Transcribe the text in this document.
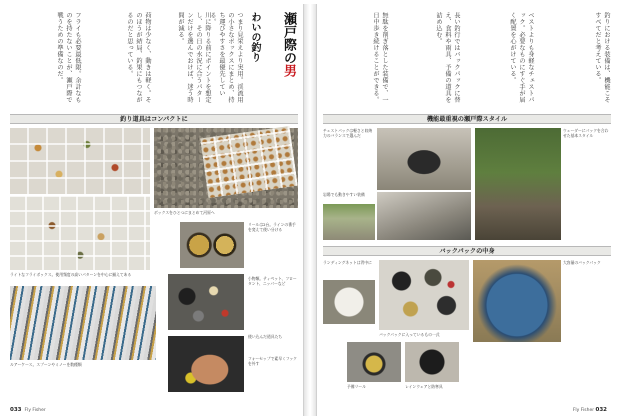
瀬戸際の男
わいの釣り
つまり見栄えより実用。渓流用の小さなボックスにまとめ、持ち運びやすさを最優先している。
川に降りる前にポイントを想定し、その日の水況に合うパターンだけを選んでおけば、迷う時間が減る。
荷物は少なく、動きは軽く。そのほうが結局、釣果にもつながるのだと思っている。
フライも必要最低限。余計なものを持たないことが、瀬戸際で戦うための準備なのだ。
釣り道具はコンパクトに
ライトなフライボックス。使用頻度の高いパターンを中心に揃えてある
ボックスをひとつにまとめて河原へ
リールは2台。ラインの番手を変えて使い分ける
小物類。ティペット、フロータント、ニッパーなど
ルアーケース。スプーンやミノーを数種類
使い込んだ道具たち
フォーセップで素早くフックを外す
033 Fly Fisher
釣りにおける装備は、機能こそすべてだと考えている。
ベストよりも身軽なチェストパック。必要なものにすぐ手が届く配置を心がけている。
長い釣行ではバックパックに替え、食料や雨具、予備の道具を詰め込む。
無駄を削ぎ落とした装備で、一日中歩き続けることができる。
機能最重視の瀬戸際スタイル
チェストパックは軽さと収納力のバランスで選んだ
ウェーダーにパックを合わせた基本スタイル
岩場でも動きやすい装備
バックパックの中身
ランディングネットは背中に
バックパックに入っているもの一式
大容量のバックパック
予備リール	レインウェアと防寒具
Fly Fisher 032
